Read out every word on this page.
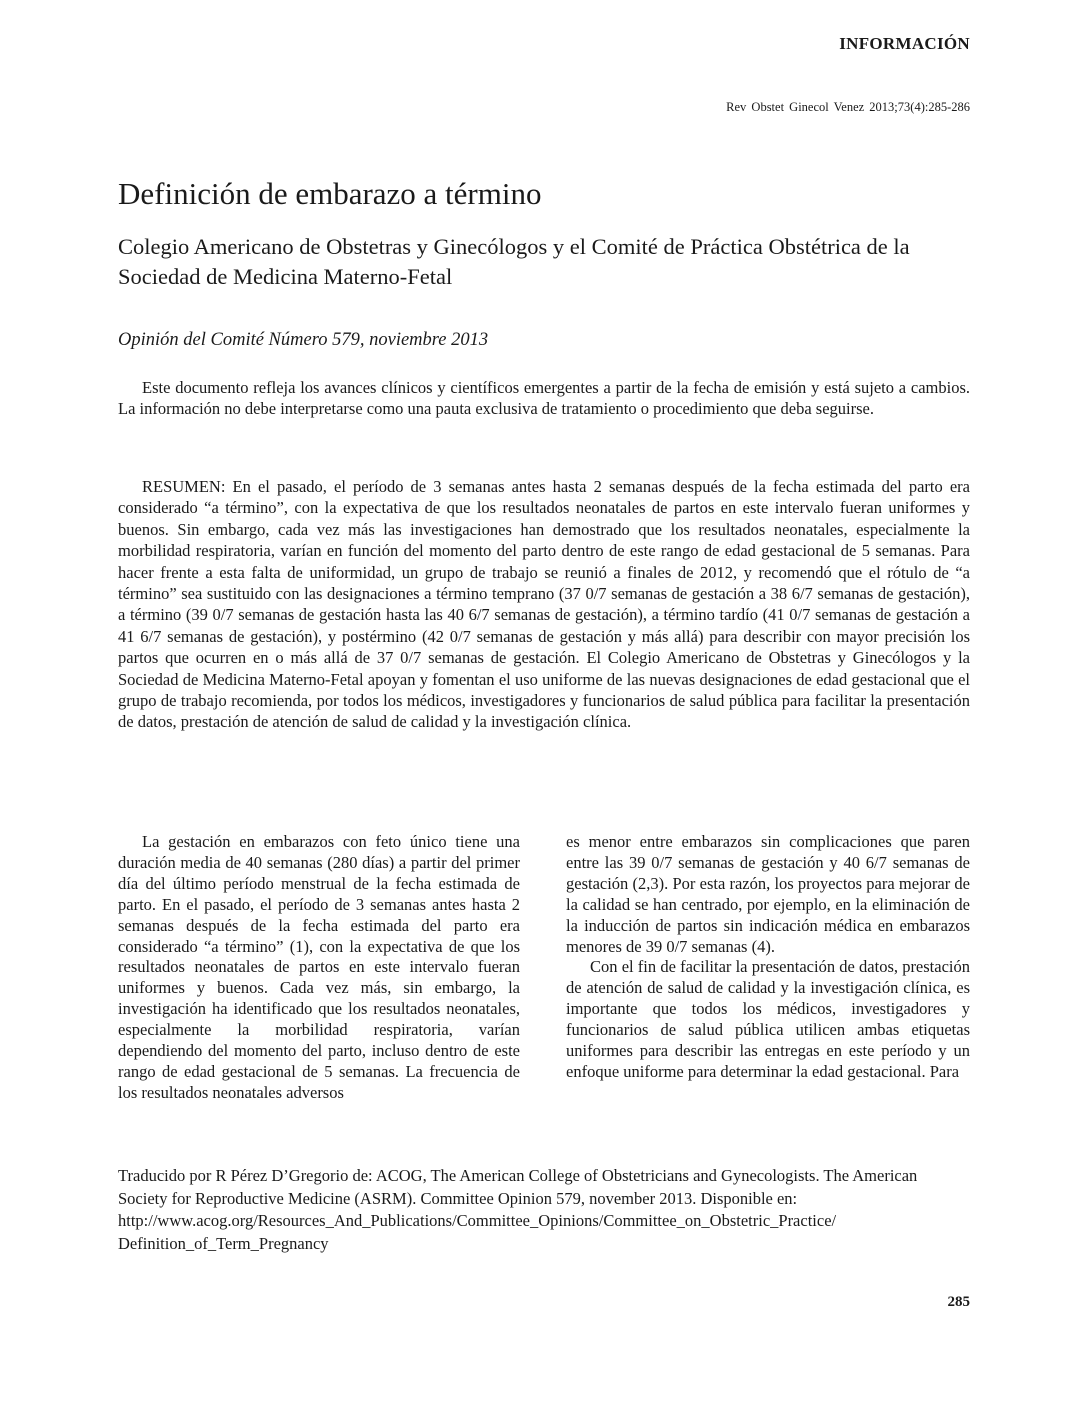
INFORMACIÓN
Rev Obstet Ginecol Venez 2013;73(4):285-286
Definición de embarazo a término
Colegio Americano de Obstetras y Ginecólogos y el Comité de Práctica Obstétrica de la Sociedad de Medicina Materno-Fetal
Opinión del Comité Número 579, noviembre 2013

Este documento refleja los avances clínicos y científicos emergentes a partir de la fecha de emisión y está sujeto a cambios. La información no debe interpretarse como una pauta exclusiva de tratamiento o procedimiento que deba seguirse.

RESUMEN: En el pasado, el período de 3 semanas antes hasta 2 semanas después de la fecha estimada del parto era considerado “a término”, con la expectativa de que los resultados neonatales de partos en este intervalo fueran uniformes y buenos. Sin embargo, cada vez más las investigaciones han demostrado que los resultados neonatales, especialmente la morbilidad respiratoria, varían en función del momento del parto dentro de este rango de edad gestacional de 5 semanas. Para hacer frente a esta falta de uniformidad, un grupo de trabajo se reunió a finales de 2012, y recomendó que el rótulo de “a término” sea sustituido con las designaciones a término temprano (37 0/7 semanas de gestación a 38 6/7 semanas de gestación), a término (39 0/7 semanas de gestación hasta las 40 6/7 semanas de gestación), a término tardío (41 0/7 semanas de gestación a 41 6/7 semanas de gestación), y postérmino (42 0/7 semanas de gestación y más allá) para describir con mayor precisión los partos que ocurren en o más allá de 37 0/7 semanas de gestación. El Colegio Americano de Obstetras y Ginecólogos y la Sociedad de Medicina Materno-Fetal apoyan y fomentan el uso uniforme de las nuevas designaciones de edad gestacional que el grupo de trabajo recomienda, por todos los médicos, investigadores y funcionarios de salud pública para facilitar la presentación de datos, prestación de atención de salud de calidad y la investigación clínica.

La gestación en embarazos con feto único tiene una duración media de 40 semanas (280 días) a partir del primer día del último período menstrual de la fecha estimada de parto. En el pasado, el período de 3 semanas antes hasta 2 semanas después de la fecha estimada del parto era considerado “a término” (1), con la expectativa de que los resultados neonatales de partos en este intervalo fueran uniformes y buenos. Cada vez más, sin embargo, la investigación ha identificado que los resultados neonatales, especialmente la morbilidad respiratoria, varían dependiendo del momento del parto, incluso dentro de este rango de edad gestacional de 5 semanas. La frecuencia de los resultados neonatales adversos

es menor entre embarazos sin complicaciones que paren entre las 39 0/7 semanas de gestación y 40 6/7 semanas de gestación (2,3). Por esta razón, los proyectos para mejorar de la calidad se han centrado, por ejemplo, en la eliminación de la inducción de partos sin indicación médica en embarazos menores de 39 0/7 semanas (4).

Con el fin de facilitar la presentación de datos, prestación de atención de salud de calidad y la investigación clínica, es importante que todos los médicos, investigadores y funcionarios de salud pública utilicen ambas etiquetas uniformes para describir las entregas en este período y un enfoque uniforme para determinar la edad gestacional. Para

Traducido por R Pérez D’Gregorio de: ACOG, The American College of Obstetricians and Gynecologists. The American Society for Reproductive Medicine (ASRM). Committee Opinion 579, november 2013. Disponible en: http://www.acog.org/Resources_And_Publications/Committee_Opinions/Committee_on_Obstetric_Practice/ Definition_of_Term_Pregnancy

285
